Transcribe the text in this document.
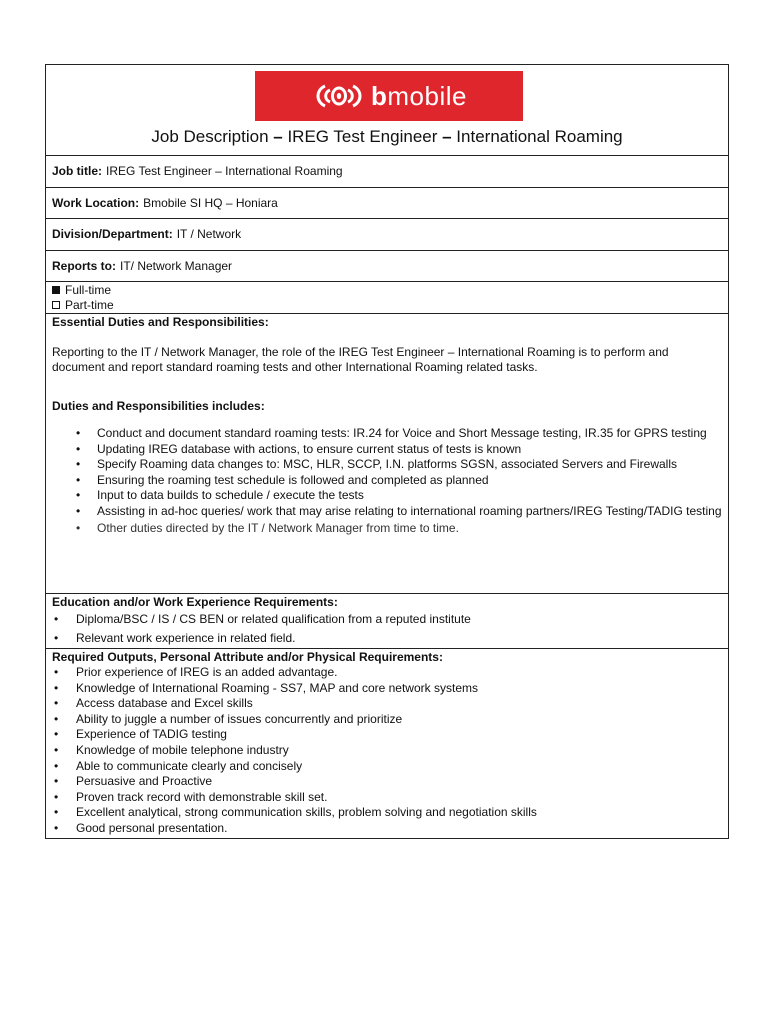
bmobile
Job Description – IREG Test Engineer – International Roaming
Job title: IREG Test Engineer – International Roaming
Work Location: Bmobile SI HQ – Honiara
Division/Department: IT / Network
Reports to: IT/ Network Manager
Full-time
Part-time
Essential Duties and Responsibilities:
Reporting to the IT / Network Manager, the role of the IREG Test Engineer – International Roaming is to perform and document and report standard roaming tests and other International Roaming related tasks.
Duties and Responsibilities includes:
• Conduct and document standard roaming tests: IR.24 for Voice and Short Message testing, IR.35 for GPRS testing
• Updating IREG database with actions, to ensure current status of tests is known
• Specify Roaming data changes to: MSC, HLR, SCCP, I.N. platforms SGSN, associated Servers and Firewalls
• Ensuring the roaming test schedule is followed and completed as planned
• Input to data builds to schedule / execute the tests
• Assisting in ad-hoc queries/ work that may arise relating to international roaming partners/IREG Testing/TADIG testing
• Other duties directed by the IT / Network Manager from time to time.
Education and/or Work Experience Requirements:
• Diploma/BSC / IS / CS BEN or related qualification from a reputed institute
• Relevant work experience in related field.
Required Outputs, Personal Attribute and/or Physical Requirements:
• Prior experience of IREG is an added advantage.
• Knowledge of International Roaming - SS7, MAP and core network systems
• Access database and Excel skills
• Ability to juggle a number of issues concurrently and prioritize
• Experience of TADIG testing
• Knowledge of mobile telephone industry
• Able to communicate clearly and concisely
• Persuasive and Proactive
• Proven track record with demonstrable skill set.
• Excellent analytical, strong communication skills, problem solving and negotiation skills
• Good personal presentation.
